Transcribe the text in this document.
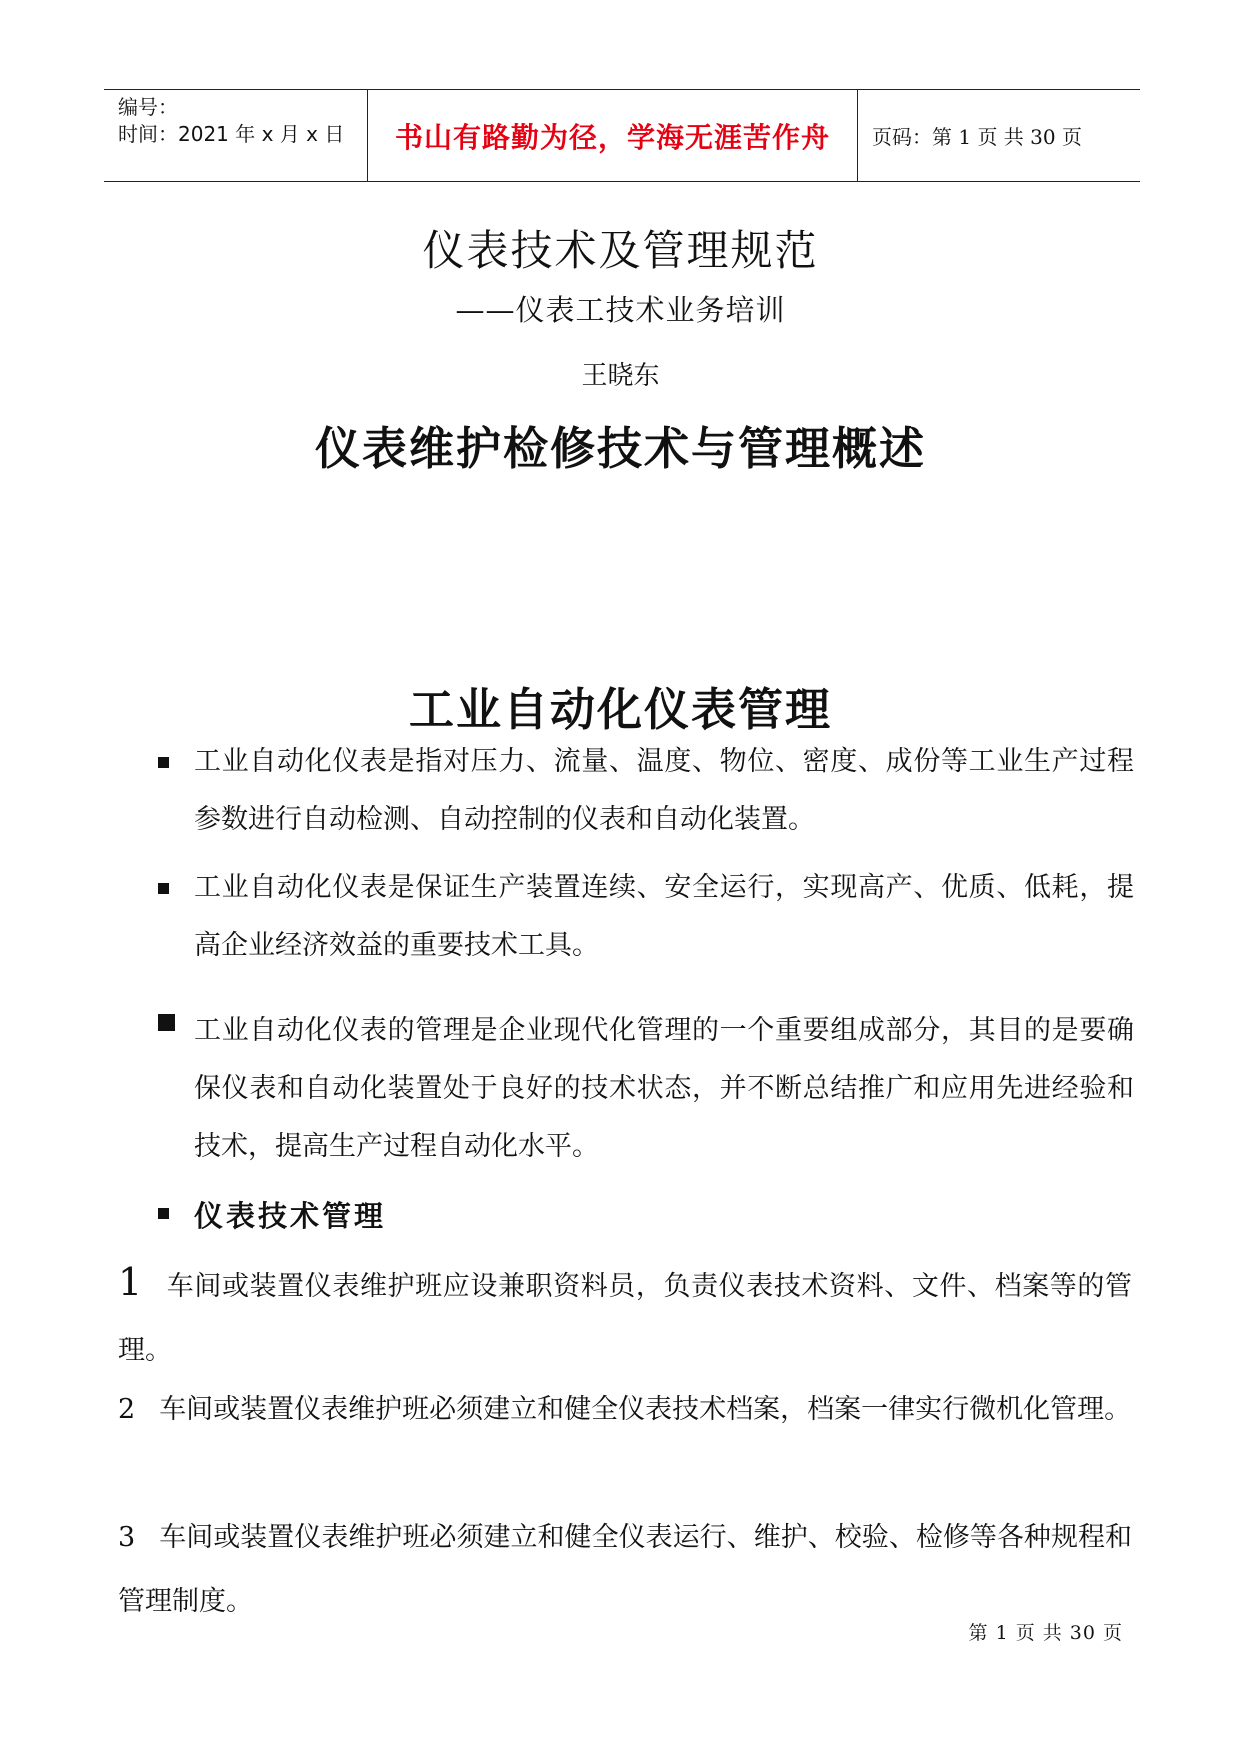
编号：
时间：2021 年 x 月 x 日	书山有路勤为径，学海无涯苦作舟	页码：第 1 页 共 30 页
仪表技术及管理规范
——仪表工技术业务培训
王晓东
仪表维护检修技术与管理概述
工业自动化仪表管理
工业自动化仪表是指对压力、流量、温度、物位、密度、成份等工业生产过程参数进行自动检测、自动控制的仪表和自动化装置。
工业自动化仪表是保证生产装置连续、安全运行，实现高产、优质、低耗，提高企业经济效益的重要技术工具。
工业自动化仪表的管理是企业现代化管理的一个重要组成部分，其目的是要确保仪表和自动化装置处于良好的技术状态，并不断总结推广和应用先进经验和技术，提高生产过程自动化水平。
仪表技术管理
1 车间或装置仪表维护班应设兼职资料员，负责仪表技术资料、文件、档案等的管理。
2 车间或装置仪表维护班必须建立和健全仪表技术档案，档案一律实行微机化管理。
3 车间或装置仪表维护班必须建立和健全仪表运行、维护、校验、检修等各种规程和管理制度。
第 1 页 共 30 页
